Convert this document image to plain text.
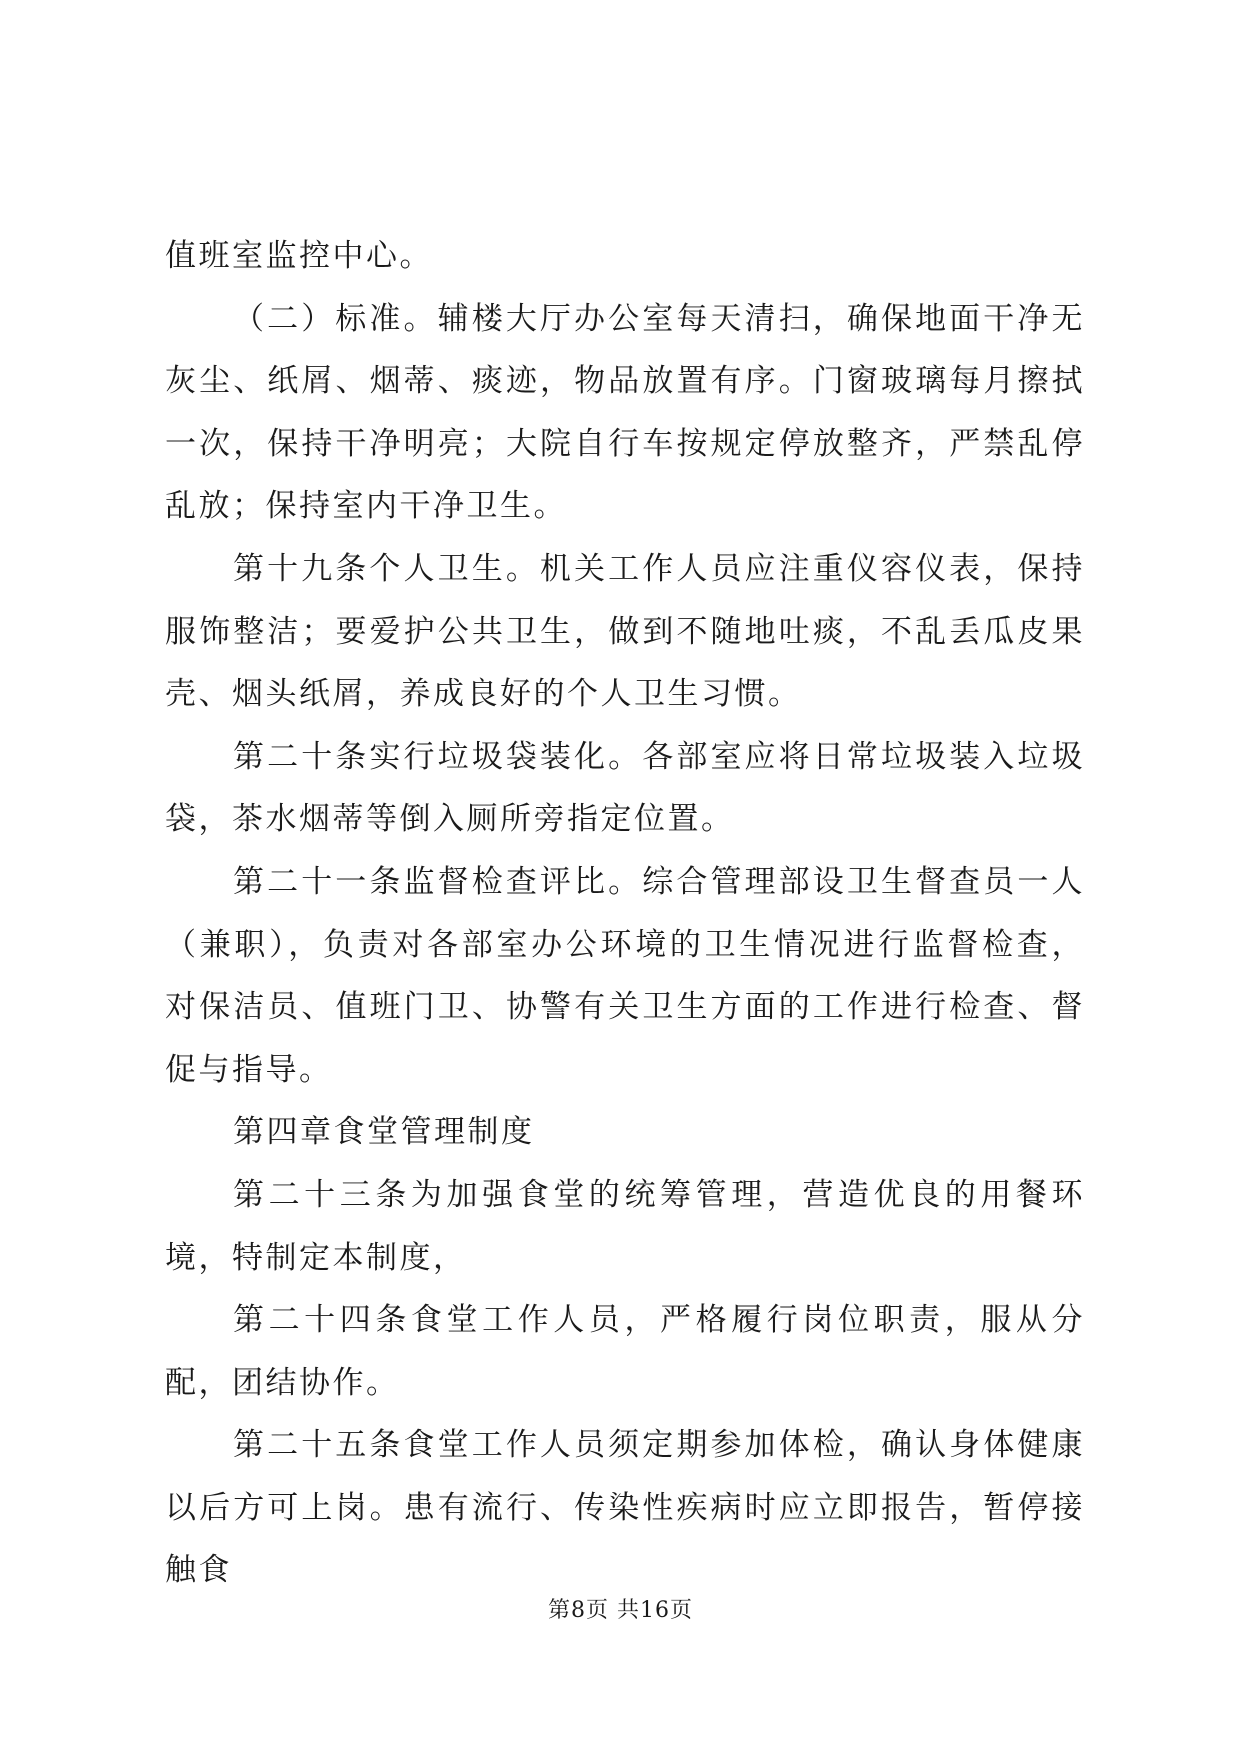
值班室监控中心。

（二）标准。辅楼大厅办公室每天清扫，确保地面干净无灰尘、纸屑、烟蒂、痰迹，物品放置有序。门窗玻璃每月擦拭一次，保持干净明亮；大院自行车按规定停放整齐，严禁乱停乱放；保持室内干净卫生。

第十九条个人卫生。机关工作人员应注重仪容仪表，保持服饰整洁；要爱护公共卫生，做到不随地吐痰，不乱丢瓜皮果壳、烟头纸屑，养成良好的个人卫生习惯。

第二十条实行垃圾袋装化。各部室应将日常垃圾装入垃圾袋，茶水烟蒂等倒入厕所旁指定位置。

第二十一条监督检查评比。综合管理部设卫生督查员一人（兼职），负责对各部室办公环境的卫生情况进行监督检查，对保洁员、值班门卫、协警有关卫生方面的工作进行检查、督促与指导。

第四章食堂管理制度

第二十三条为加强食堂的统筹管理，营造优良的用餐环境，特制定本制度，

第二十四条食堂工作人员，严格履行岗位职责，服从分配，团结协作。

第二十五条食堂工作人员须定期参加体检，确认身体健康以后方可上岗。患有流行、传染性疾病时应立即报告，暂停接触食

第8页 共16页
